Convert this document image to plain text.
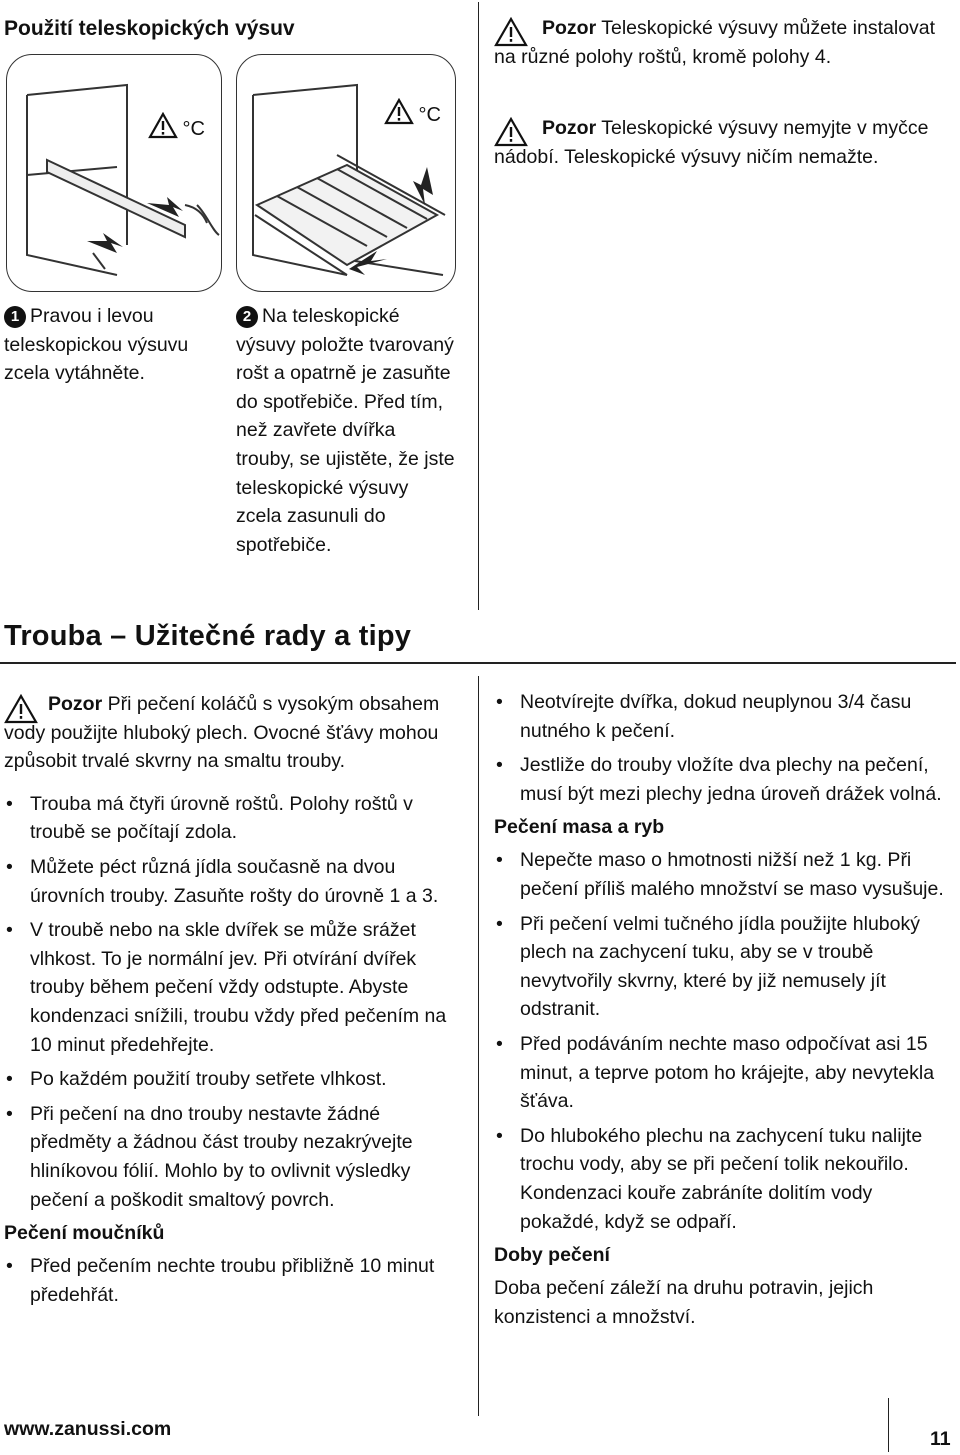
Použití teleskopických výsuv
°C
°C
1 Pravou i levou teleskopickou výsuvu zcela vytáhněte.
2 Na teleskopické výsuvy položte tvarovaný rošt a opatrně je zasuňte do spotřebiče. Před tím, než zavřete dvířka trouby, se ujistěte, že jste teleskopické výsuvy zcela zasunuli do spotřebiče.
Pozor Teleskopické výsuvy můžete instalovat na různé polohy roštů, kromě polohy 4.
Pozor Teleskopické výsuvy nemyjte v myčce nádobí. Teleskopické výsuvy ničím nemažte.
Trouba – Užitečné rady a tipy
Pozor Při pečení koláčů s vysokým obsahem vody použijte hluboký plech. Ovocné šťávy mohou způsobit trvalé skvrny na smaltu trouby.
• Trouba má čtyři úrovně roštů. Polohy roštů v troubě se počítají zdola.
• Můžete péct různá jídla současně na dvou úrovních trouby. Zasuňte rošty do úrovně 1 a 3.
• V troubě nebo na skle dvířek se může srážet vlhkost. To je normální jev. Při otvírání dvířek trouby během pečení vždy odstupte. Abyste kondenzaci snížili, troubu vždy před pečením na 10 minut předehřejte.
• Po každém použití trouby setřete vlhkost.
• Při pečení na dno trouby nestavte žádné předměty a žádnou část trouby nezakrývejte hliníkovou fólií. Mohlo by to ovlivnit výsledky pečení a poškodit smaltový povrch.
Pečení moučníků
• Před pečením nechte troubu přibližně 10 minut předehřát.
• Neotvírejte dvířka, dokud neuplynou 3/4 času nutného k pečení.
• Jestliže do trouby vložíte dva plechy na pečení, musí být mezi plechy jedna úroveň drážek volná.
Pečení masa a ryb
• Nepečte maso o hmotnosti nižší než 1 kg. Při pečení příliš malého množství se maso vysušuje.
• Při pečení velmi tučného jídla použijte hluboký plech na zachycení tuku, aby se v troubě nevytvořily skvrny, které by již nemusely jít odstranit.
• Před podáváním nechte maso odpočívat asi 15 minut, a teprve potom ho krájejte, aby nevytekla šťáva.
• Do hlubokého plechu na zachycení tuku nalijte trochu vody, aby se při pečení tolik nekouřilo. Kondenzaci kouře zabráníte dolitím vody pokaždé, když se odpaří.
Doby pečení
Doba pečení záleží na druhu potravin, jejich konzistenci a množství.
www.zanussi.com	11
